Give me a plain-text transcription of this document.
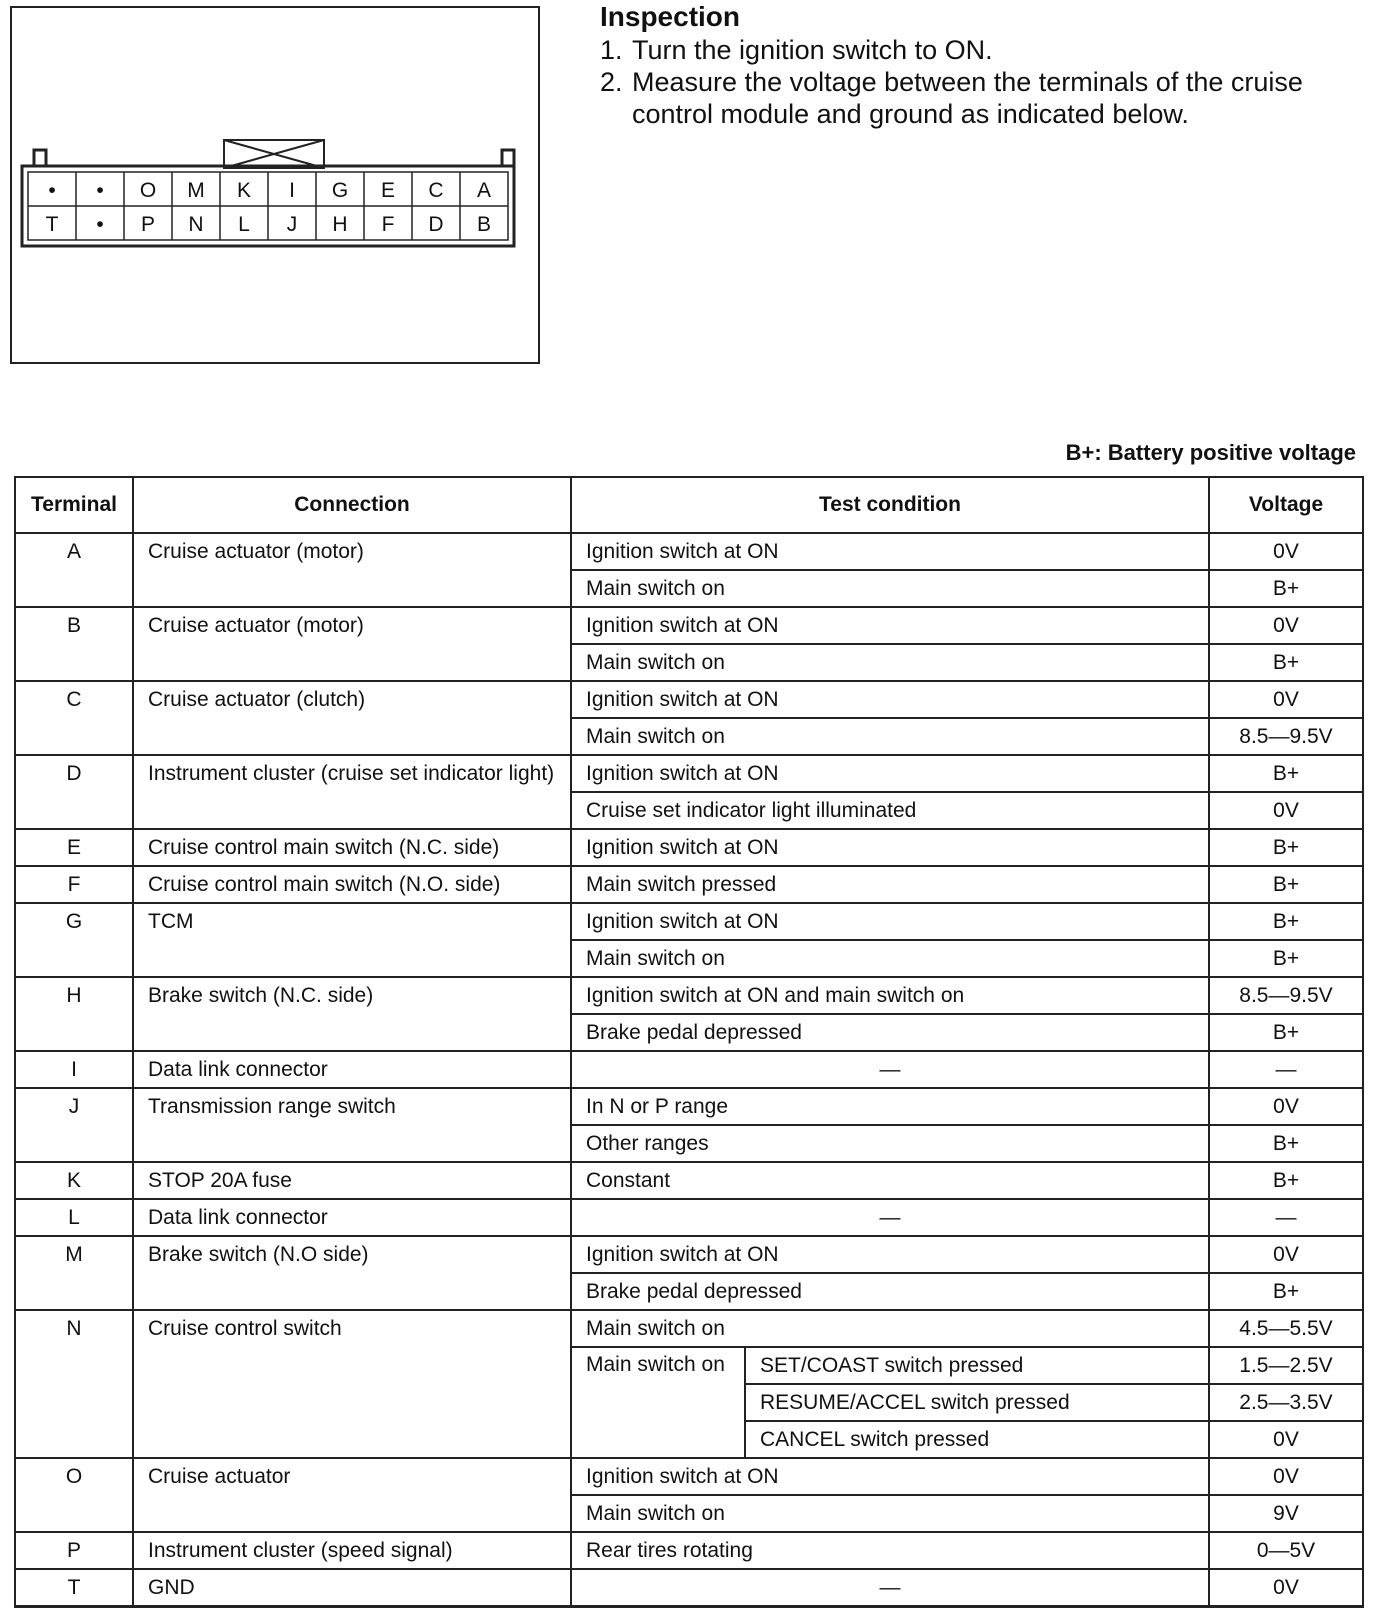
• • O M K I G E C A
T • P N L J H F D B
Inspection
1. Turn the ignition switch to ON.
2. Measure the voltage between the terminals of the cruise control module and ground as indicated below.
B+: Battery positive voltage
Terminal	Connection	Test condition		Voltage
A	Cruise actuator (motor)	Ignition switch at ON		0V
		Main switch on		B+
B	Cruise actuator (motor)	Ignition switch at ON		0V
		Main switch on		B+
C	Cruise actuator (clutch)	Ignition switch at ON		0V
		Main switch on		8.5—9.5V
D	Instrument cluster (cruise set indicator light)	Ignition switch at ON		B+
		Cruise set indicator light illuminated		0V
E	Cruise control main switch (N.C. side)	Ignition switch at ON		B+
F	Cruise control main switch (N.O. side)	Main switch pressed		B+
G	TCM	Ignition switch at ON		B+
		Main switch on		B+
H	Brake switch (N.C. side)	Ignition switch at ON and main switch on		8.5—9.5V
		Brake pedal depressed		B+
I	Data link connector	—		—
J	Transmission range switch	In N or P range		0V
		Other ranges		B+
K	STOP 20A fuse	Constant		B+
L	Data link connector	—		—
M	Brake switch (N.O side)	Ignition switch at ON		0V
		Brake pedal depressed		B+
N	Cruise control switch	Main switch on		4.5—5.5V
		Main switch on	SET/COAST switch pressed	1.5—2.5V
			RESUME/ACCEL switch pressed	2.5—3.5V
			CANCEL switch pressed	0V
O	Cruise actuator	Ignition switch at ON		0V
		Main switch on		9V
P	Instrument cluster (speed signal)	Rear tires rotating		0—5V
T	GND	—		0V
